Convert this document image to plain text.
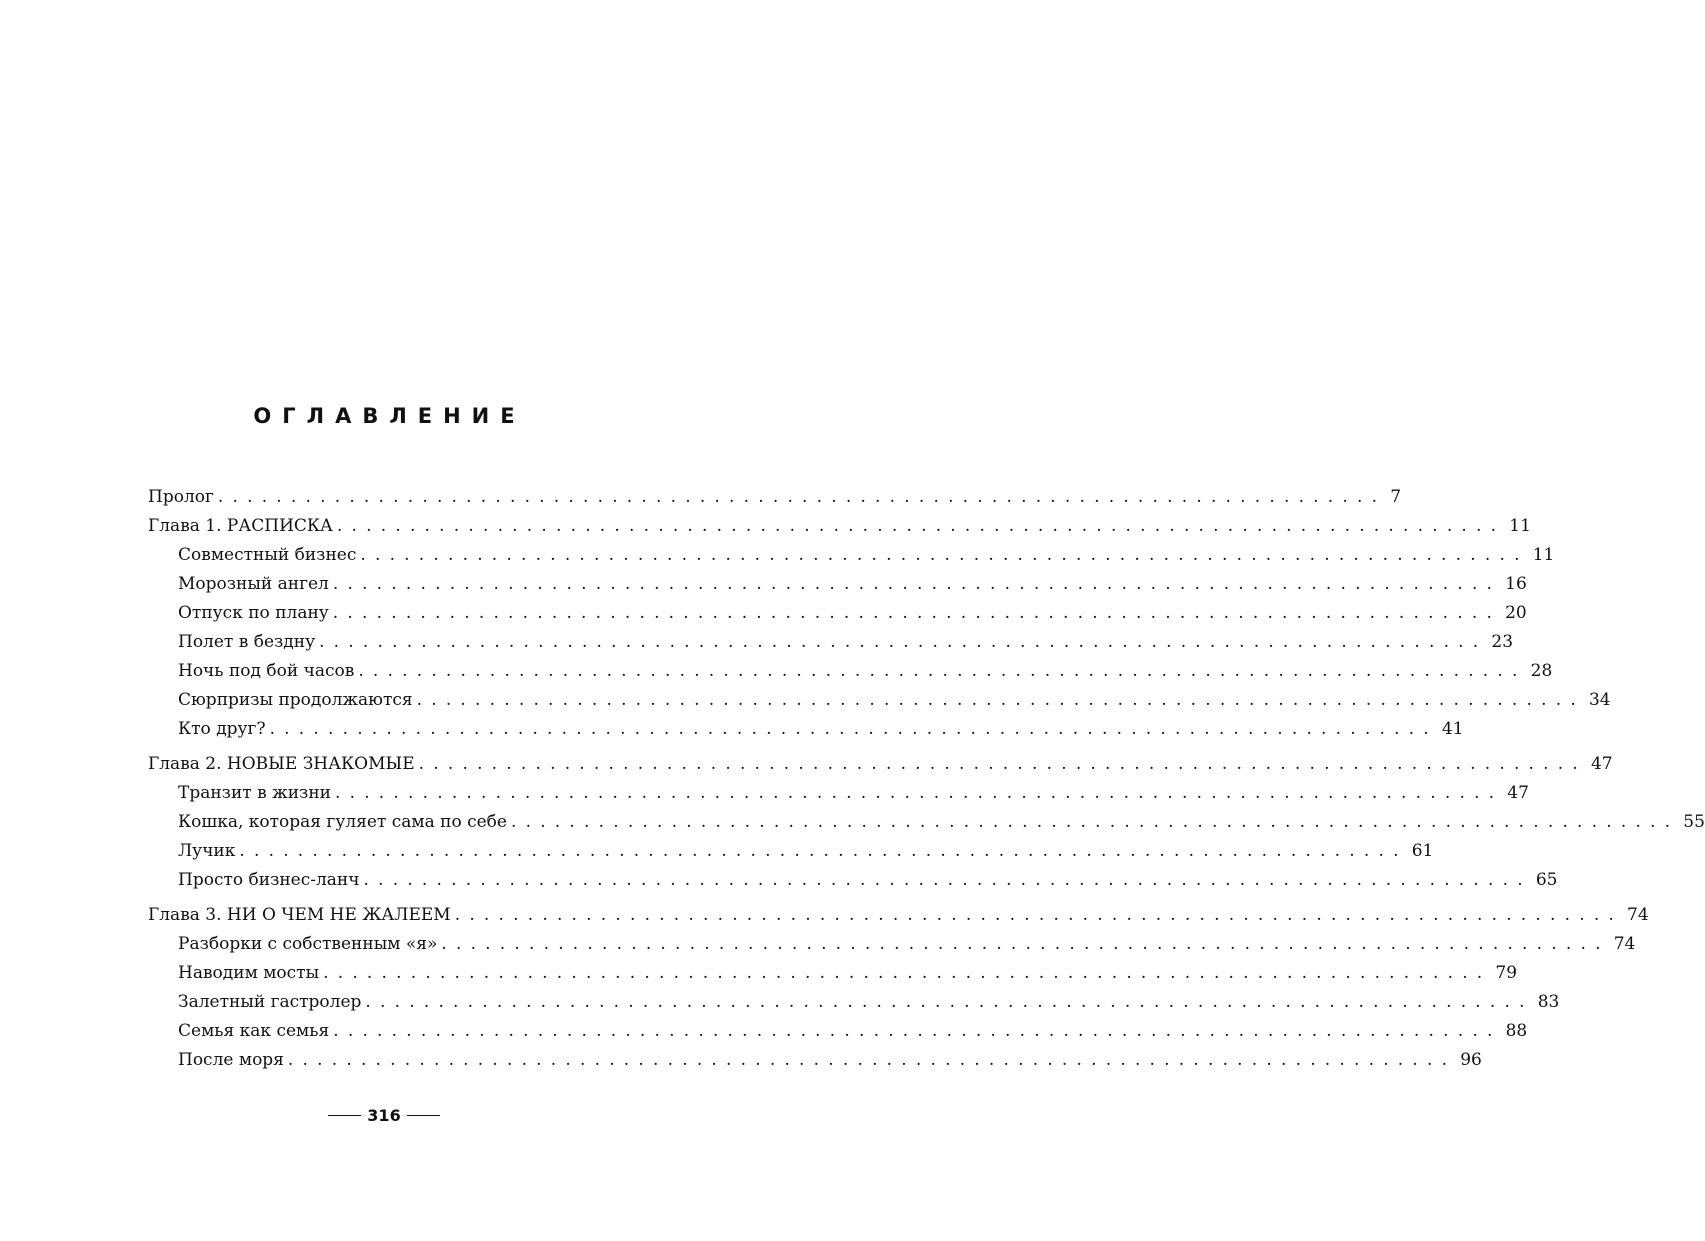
ОГЛАВЛЕНИЕ
Пролог ................................................................................ 7
Глава 1. РАСПИСКА ................................................................................ 11
Совместный бизнес ................................................................................ 11
Морозный ангел ................................................................................ 16
Отпуск по плану ................................................................................ 20
Полет в бездну ................................................................................ 23
Ночь под бой часов ................................................................................ 28
Сюрпризы продолжаются ................................................................................ 34
Кто друг? ................................................................................ 41
Глава 2. НОВЫЕ ЗНАКОМЫЕ ................................................................................ 47
Транзит в жизни ................................................................................ 47
Кошка, которая гуляет сама по себе ................................................................................ 55
Лучик ................................................................................ 61
Просто бизнес-ланч ................................................................................ 65
Глава 3. НИ О ЧЕМ НЕ ЖАЛЕЕМ ................................................................................ 74
Разборки с собственным «я» ................................................................................ 74
Наводим мосты ................................................................................ 79
Залетный гастролер ................................................................................ 83
Семья как семья ................................................................................ 88
После моря ................................................................................ 96
316
